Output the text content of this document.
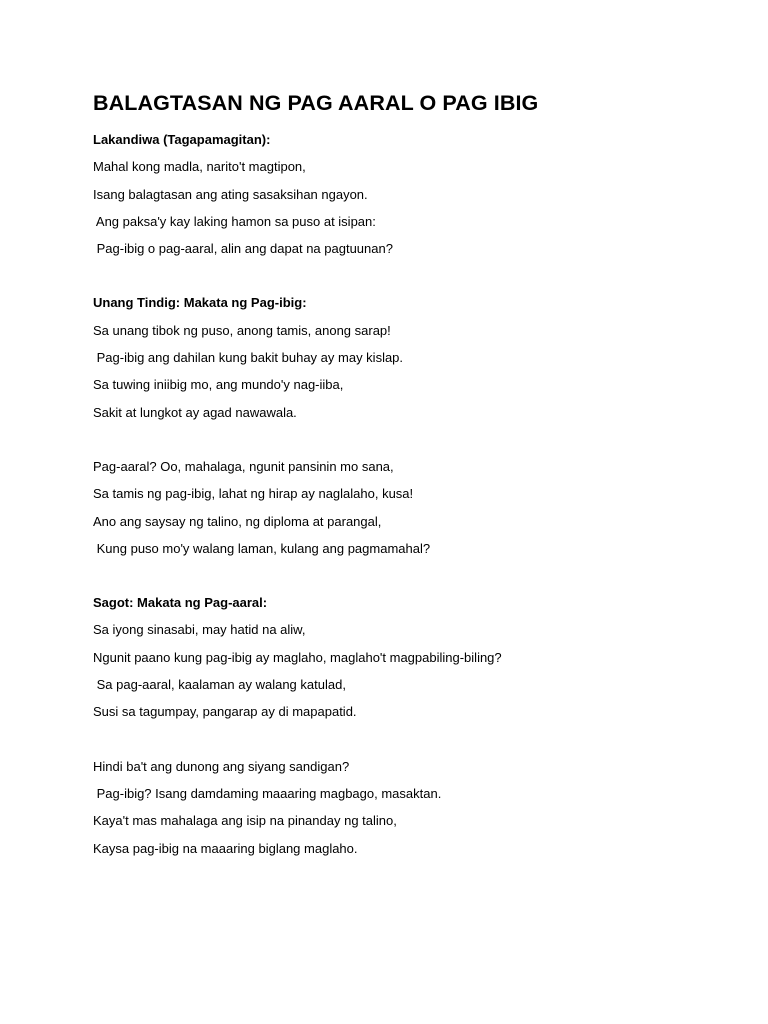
BALAGTASAN NG PAG AARAL O PAG IBIG
Lakandiwa (Tagapamagitan):
Mahal kong madla, narito't magtipon,
Isang balagtasan ang ating sasaksihan ngayon.
Ang paksa'y kay laking hamon sa puso at isipan:
Pag-ibig o pag-aaral, alin ang dapat na pagtuunan?
Unang Tindig: Makata ng Pag-ibig:
Sa unang tibok ng puso, anong tamis, anong sarap!
Pag-ibig ang dahilan kung bakit buhay ay may kislap.
Sa tuwing iniibig mo, ang mundo'y nag-iiba,
Sakit at lungkot ay agad nawawala.
Pag-aaral? Oo, mahalaga, ngunit pansinin mo sana,
Sa tamis ng pag-ibig, lahat ng hirap ay naglalaho, kusa!
Ano ang saysay ng talino, ng diploma at parangal,
Kung puso mo'y walang laman, kulang ang pagmamahal?
Sagot: Makata ng Pag-aaral:
Sa iyong sinasabi, may hatid na aliw,
Ngunit paano kung pag-ibig ay maglaho, maglaho't magpabiling-biling?
Sa pag-aaral, kaalaman ay walang katulad,
Susi sa tagumpay, pangarap ay di mapapatid.
Hindi ba't ang dunong ang siyang sandigan?
Pag-ibig? Isang damdaming maaaring magbago, masaktan.
Kaya't mas mahalaga ang isip na pinanday ng talino,
Kaysa pag-ibig na maaaring biglang maglaho.
